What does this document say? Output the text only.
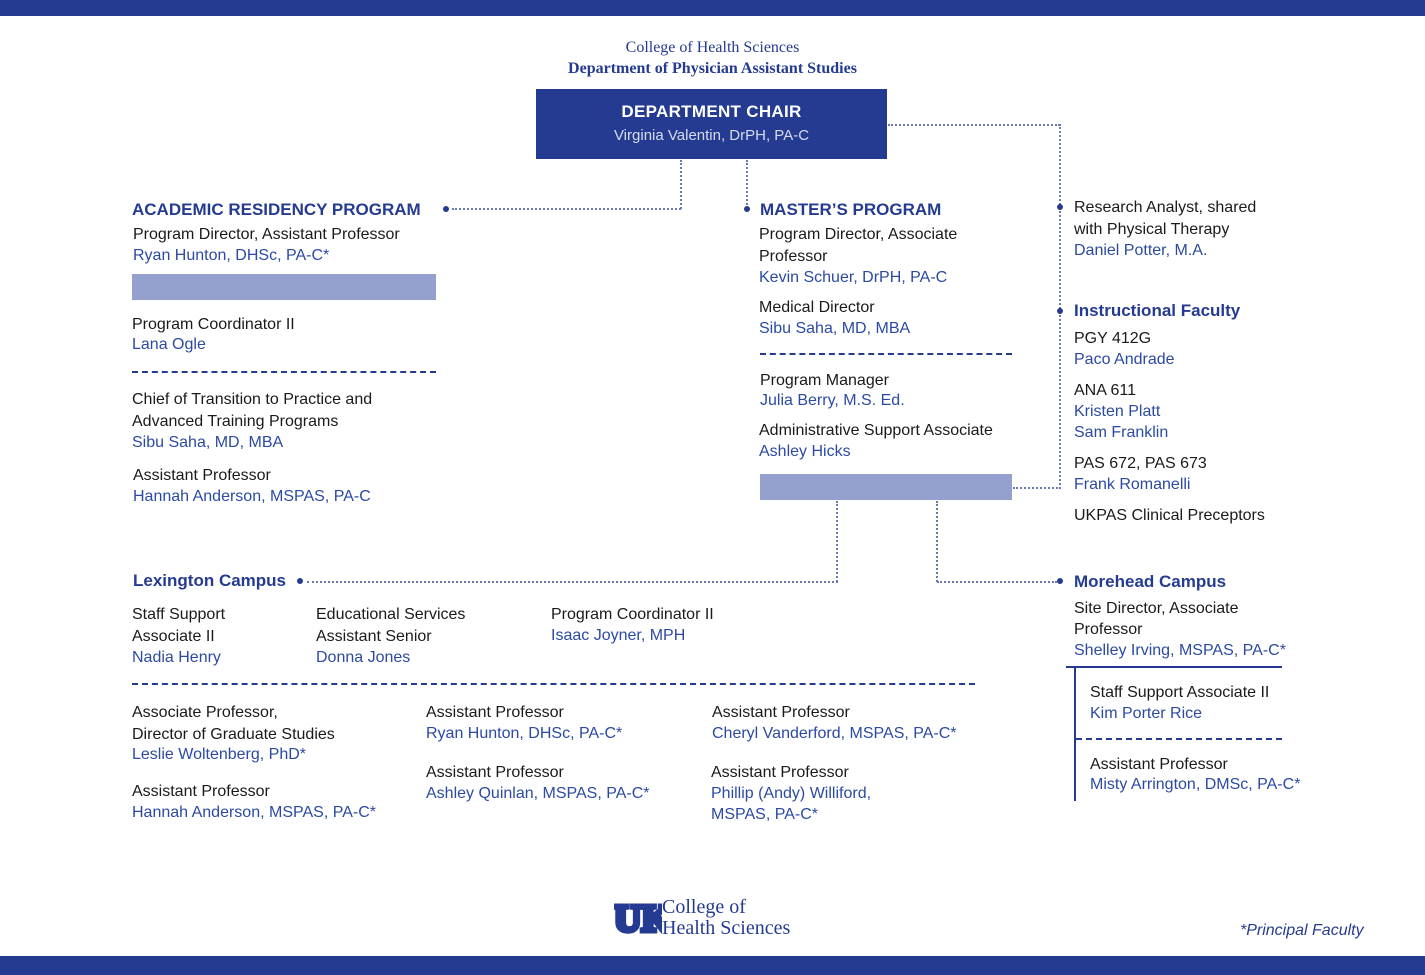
College of Health Sciences
Department of Physician Assistant Studies
DEPARTMENT CHAIR
Virginia Valentin, DrPH, PA-C
ACADEMIC RESIDENCY PROGRAM
Program Director, Assistant Professor
Ryan Hunton, DHSc, PA-C*
Program Coordinator II
Lana Ogle
Chief of Transition to Practice and
Advanced Training Programs
Sibu Saha, MD, MBA
Assistant Professor
Hannah Anderson, MSPAS, PA-C
MASTER’S PROGRAM
Program Director, Associate
Professor
Kevin Schuer, DrPH, PA-C
Medical Director
Sibu Saha, MD, MBA
Program Manager
Julia Berry, M.S. Ed.
Administrative Support Associate
Ashley Hicks
Research Analyst, shared
with Physical Therapy
Daniel Potter, M.A.
Instructional Faculty
PGY 412G
Paco Andrade
ANA 611
Kristen Platt
Sam Franklin
PAS 672, PAS 673
Frank Romanelli
UKPAS Clinical Preceptors
Lexington Campus
Staff Support
Associate II
Nadia Henry
Educational Services
Assistant Senior
Donna Jones
Program Coordinator II
Isaac Joyner, MPH
Associate Professor,
Director of Graduate Studies
Leslie Woltenberg, PhD*
Assistant Professor
Hannah Anderson, MSPAS, PA-C*
Assistant Professor
Ryan Hunton, DHSc, PA-C*
Assistant Professor
Ashley Quinlan, MSPAS, PA-C*
Assistant Professor
Cheryl Vanderford, MSPAS, PA-C*
Assistant Professor
Phillip (Andy) Williford,
MSPAS, PA-C*
Morehead Campus
Site Director, Associate
Professor
Shelley Irving, MSPAS, PA-C*
Staff Support Associate II
Kim Porter Rice
Assistant Professor
Misty Arrington, DMSc, PA-C*
UK
UK
College of
Health Sciences	*Principal Faculty
